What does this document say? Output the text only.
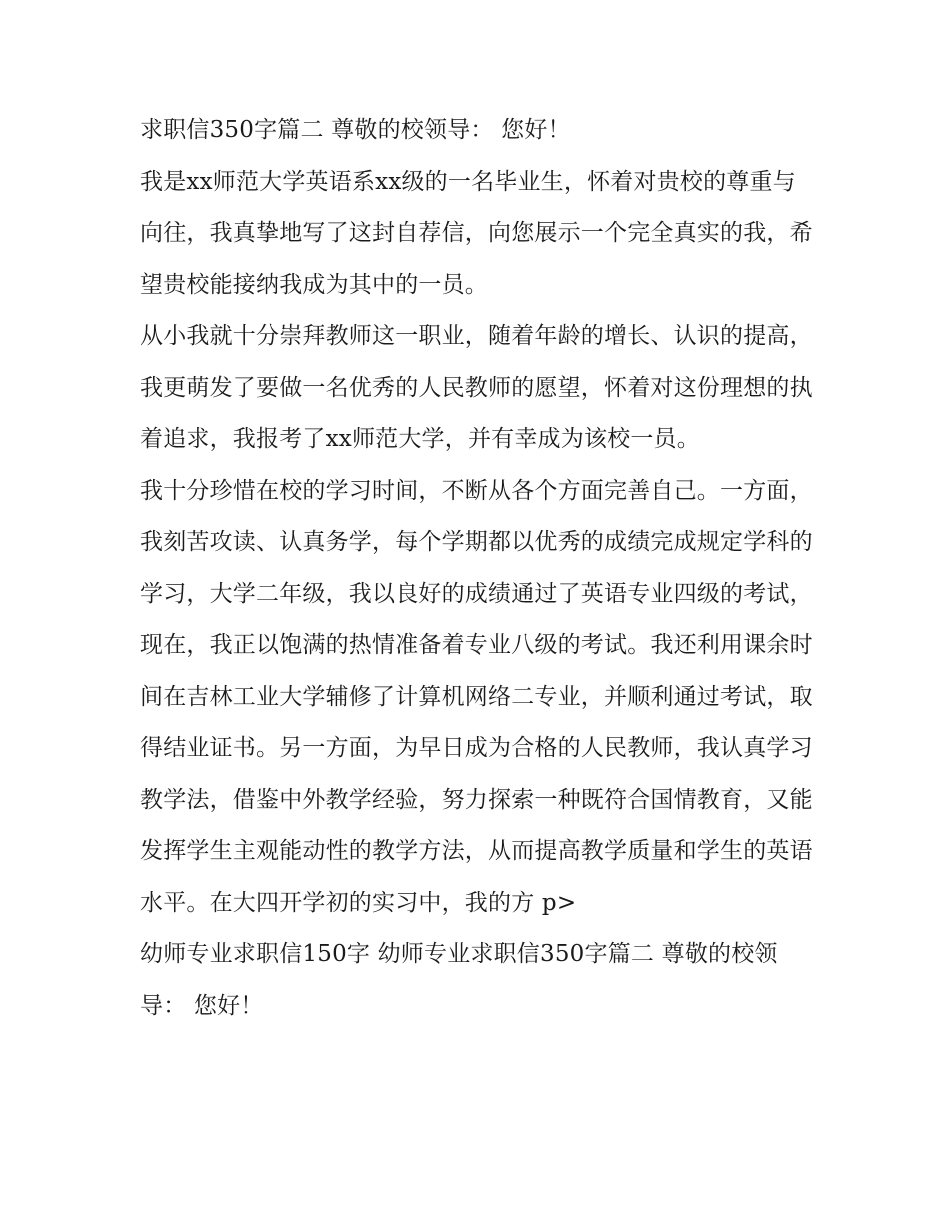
求职信350字篇二 尊敬的校领导： 您好！

我是xx师范大学英语系xx级的一名毕业生，怀着对贵校的尊重与向往，我真挚地写了这封自荐信，向您展示一个完全真实的我，希望贵校能接纳我成为其中的一员。

从小我就十分崇拜教师这一职业，随着年龄的增长、认识的提高，我更萌发了要做一名优秀的人民教师的愿望，怀着对这份理想的执着追求，我报考了xx师范大学，并有幸成为该校一员。

我十分珍惜在校的学习时间，不断从各个方面完善自己。一方面，我刻苦攻读、认真务学，每个学期都以优秀的成绩完成规定学科的学习，大学二年级，我以良好的成绩通过了英语专业四级的考试，现在，我正以饱满的热情准备着专业八级的考试。我还利用课余时间在吉林工业大学辅修了计算机网络二专业，并顺利通过考试，取得结业证书。另一方面，为早日成为合格的人民教师，我认真学习教学法，借鉴中外教学经验，努力探索一种既符合国情教育，又能发挥学生主观能动性的教学方法，从而提高教学质量和学生的英语水平。在大四开学初的实习中，我的方 p>

幼师专业求职信150字 幼师专业求职信350字篇二 尊敬的校领导： 您好！
